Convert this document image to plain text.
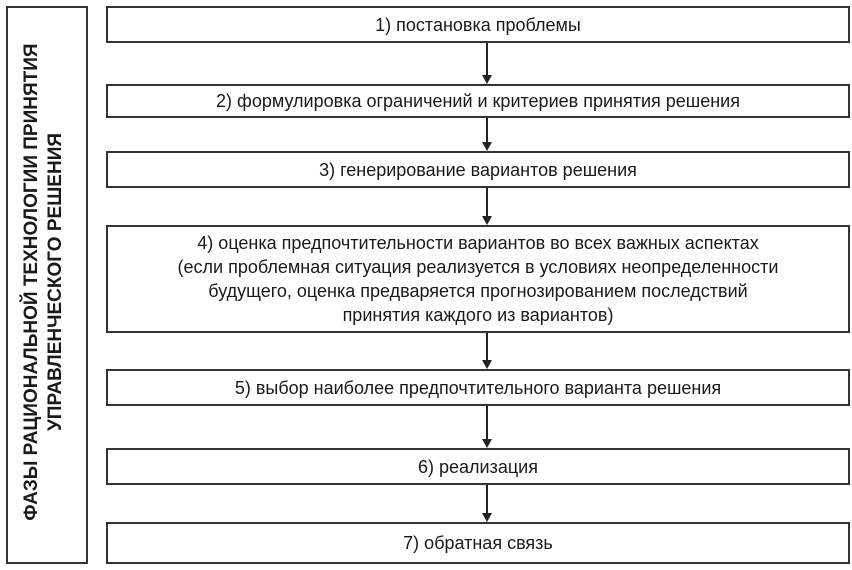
ФАЗЫ РАЦИОНАЛЬНОЙ ТЕХНОЛОГИИ ПРИНЯТИЯ УПРАВЛЕНЧЕСКОГО РЕШЕНИЯ
1) постановка проблемы
2) формулировка ограничений и критериев принятия решения
3) генерирование вариантов решения
4) оценка предпочтительности вариантов во всех важных аспектах
(если проблемная ситуация реализуется в условиях неопределенности
будущего, оценка предваряется прогнозированием последствий
принятия каждого из вариантов)
5) выбор наиболее предпочтительного варианта решения
6) реализация
7) обратная связь
